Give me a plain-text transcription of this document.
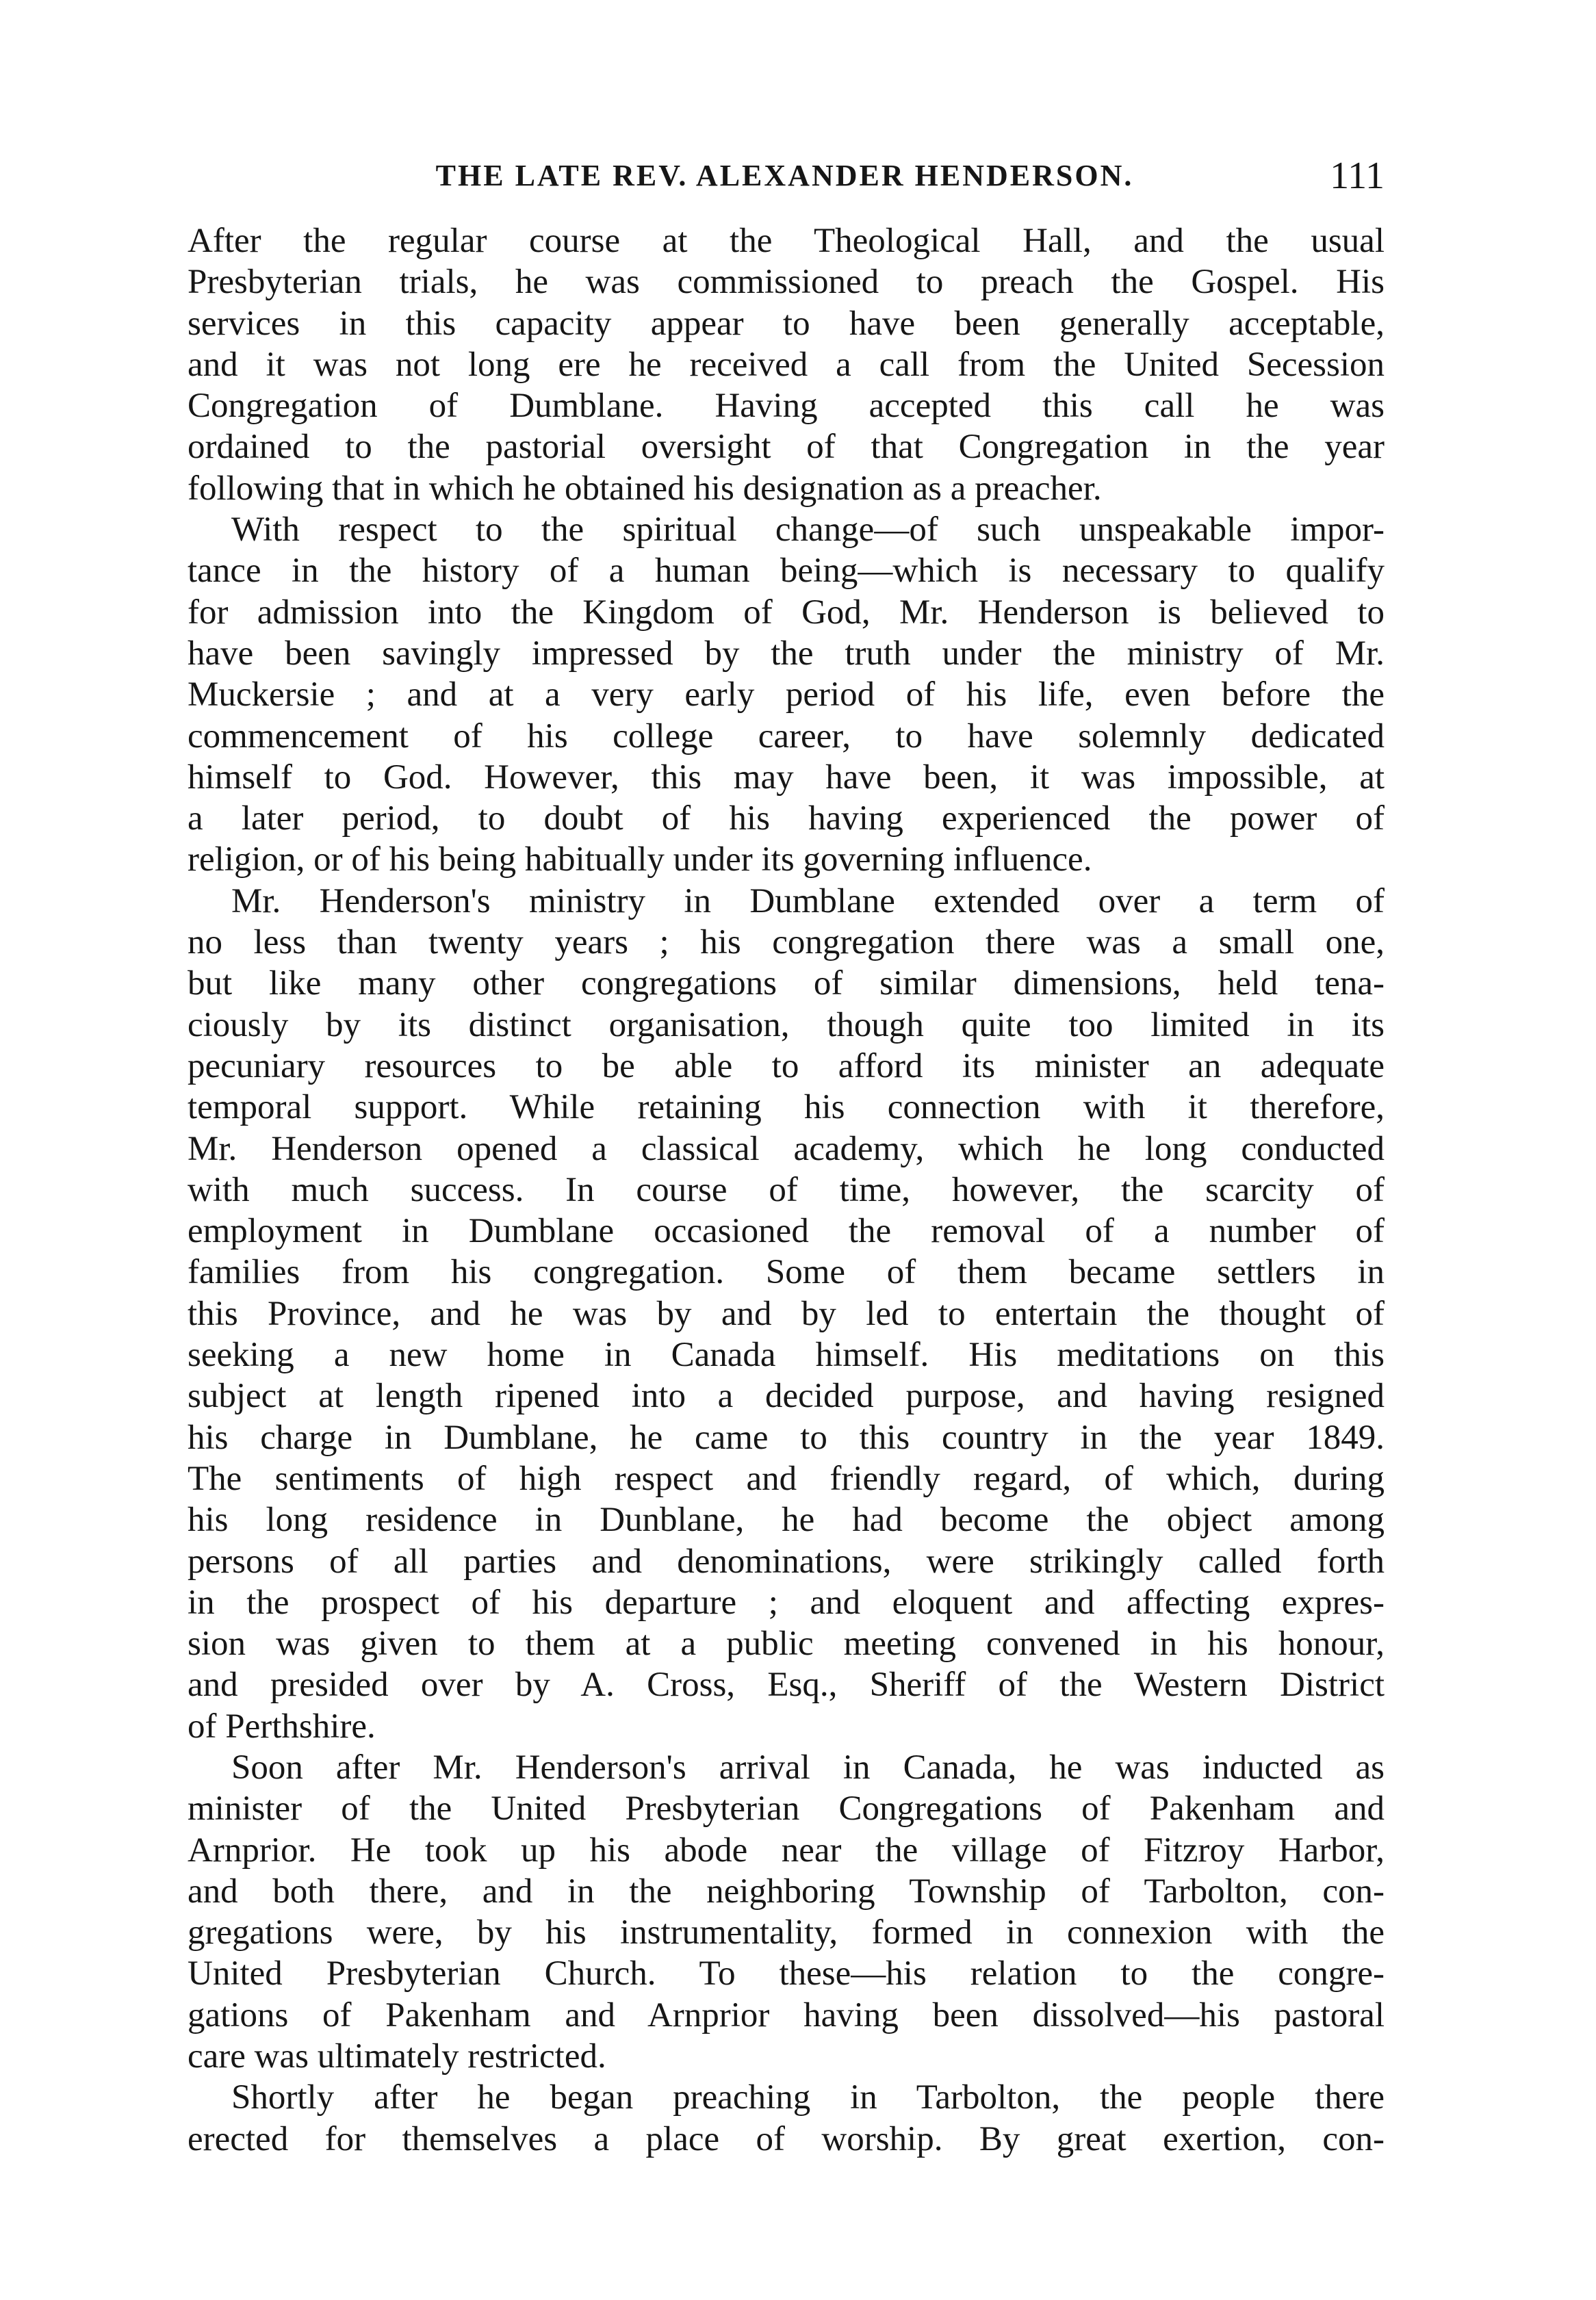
THE LATE REV. ALEXANDER HENDERSON.	111
After the regular course at the Theological Hall, and the usual
Presbyterian trials, he was commissioned to preach the Gospel. His
services in this capacity appear to have been generally acceptable,
and it was not long ere he received a call from the United Secession
Congregation of Dumblane. Having accepted this call he was
ordained to the pastorial oversight of that Congregation in the year
following that in which he obtained his designation as a preacher.
With respect to the spiritual change—of such unspeakable impor-
tance in the history of a human being—which is necessary to qualify
for admission into the Kingdom of God, Mr. Henderson is believed to
have been savingly impressed by the truth under the ministry of Mr.
Muckersie ; and at a very early period of his life, even before the
commencement of his college career, to have solemnly dedicated
himself to God. However, this may have been, it was impossible, at
a later period, to doubt of his having experienced the power of
religion, or of his being habitually under its governing influence.
Mr. Henderson's ministry in Dumblane extended over a term of
no less than twenty years ; his congregation there was a small one,
but like many other congregations of similar dimensions, held tena-
ciously by its distinct organisation, though quite too limited in its
pecuniary resources to be able to afford its minister an adequate
temporal support. While retaining his connection with it therefore,
Mr. Henderson opened a classical academy, which he long conducted
with much success. In course of time, however, the scarcity of
employment in Dumblane occasioned the removal of a number of
families from his congregation. Some of them became settlers in
this Province, and he was by and by led to entertain the thought of
seeking a new home in Canada himself. His meditations on this
subject at length ripened into a decided purpose, and having resigned
his charge in Dumblane, he came to this country in the year 1849.
The sentiments of high respect and friendly regard, of which, during
his long residence in Dunblane, he had become the object among
persons of all parties and denominations, were strikingly called forth
in the prospect of his departure ; and eloquent and affecting expres-
sion was given to them at a public meeting convened in his honour,
and presided over by A. Cross, Esq., Sheriff of the Western District
of Perthshire.
Soon after Mr. Henderson's arrival in Canada, he was inducted as
minister of the United Presbyterian Congregations of Pakenham and
Arnprior. He took up his abode near the village of Fitzroy Harbor,
and both there, and in the neighboring Township of Tarbolton, con-
gregations were, by his instrumentality, formed in connexion with the
United Presbyterian Church. To these—his relation to the congre-
gations of Pakenham and Arnprior having been dissolved—his pastoral
care was ultimately restricted.
Shortly after he began preaching in Tarbolton, the people there
erected for themselves a place of worship. By great exertion, con-
